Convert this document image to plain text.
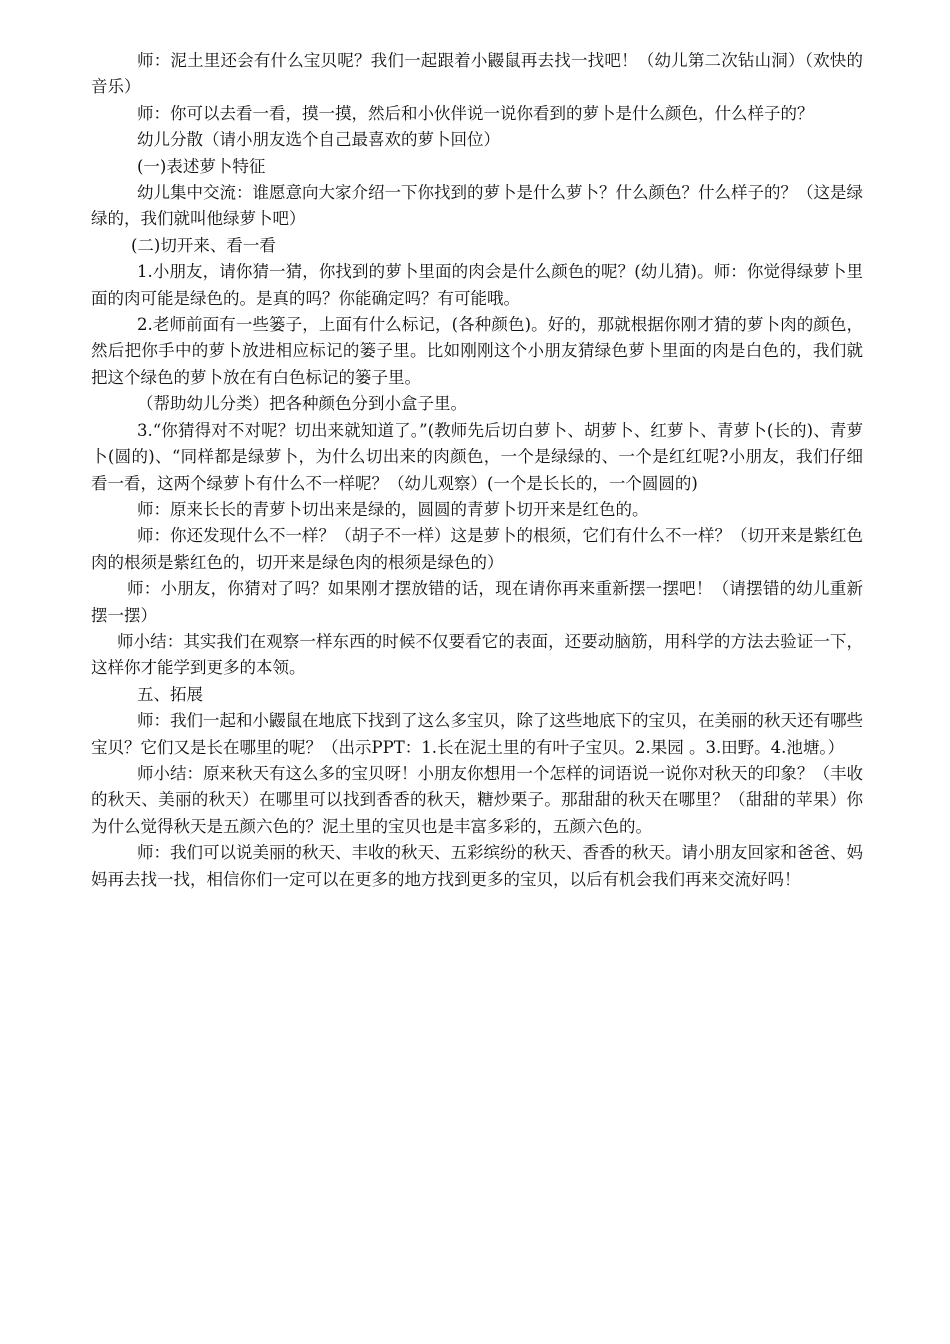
师：泥土里还会有什么宝贝呢？我们一起跟着小鼹鼠再去找一找吧！（幼儿第二次钻山洞）（欢快的音乐）

师：你可以去看一看，摸一摸，然后和小伙伴说一说你看到的萝卜是什么颜色，什么样子的？

幼儿分散（请小朋友选个自己最喜欢的萝卜回位）

(一)表述萝卜特征

幼儿集中交流：谁愿意向大家介绍一下你找到的萝卜是什么萝卜？什么颜色？什么样子的？（这是绿绿的，我们就叫他绿萝卜吧）

(二)切开来、看一看

1.小朋友，请你猜一猜，你找到的萝卜里面的肉会是什么颜色的呢？(幼儿猜)。师：你觉得绿萝卜里面的肉可能是绿色的。是真的吗？你能确定吗？有可能哦。

2.老师前面有一些篓子，上面有什么标记，(各种颜色)。好的，那就根据你刚才猜的萝卜肉的颜色，然后把你手中的萝卜放进相应标记的篓子里。比如刚刚这个小朋友猜绿色萝卜里面的肉是白色的，我们就把这个绿色的萝卜放在有白色标记的篓子里。

（帮助幼儿分类）把各种颜色分到小盒子里。

3.“你猜得对不对呢？切出来就知道了。”(教师先后切白萝卜、胡萝卜、红萝卜、青萝卜(长的)、青萝卜(圆的)、“同样都是绿萝卜，为什么切出来的肉颜色，一个是绿绿的、一个是红红呢?小朋友，我们仔细看一看，这两个绿萝卜有什么不一样呢？（幼儿观察）(一个是长长的，一个圆圆的)

师：原来长长的青萝卜切出来是绿的，圆圆的青萝卜切开来是红色的。

师：你还发现什么不一样？（胡子不一样）这是萝卜的根须，它们有什么不一样？（切开来是紫红色肉的根须是紫红色的，切开来是绿色肉的根须是绿色的）

师：小朋友，你猜对了吗？如果刚才摆放错的话，现在请你再来重新摆一摆吧！（请摆错的幼儿重新摆一摆）

师小结：其实我们在观察一样东西的时候不仅要看它的表面，还要动脑筋，用科学的方法去验证一下，这样你才能学到更多的本领。

五、拓展

师：我们一起和小鼹鼠在地底下找到了这么多宝贝，除了这些地底下的宝贝，在美丽的秋天还有哪些宝贝？它们又是长在哪里的呢？（出示PPT：1.长在泥土里的有叶子宝贝。2.果园 。3.田野。4.池塘。）

师小结：原来秋天有这么多的宝贝呀！小朋友你想用一个怎样的词语说一说你对秋天的印象？（丰收的秋天、美丽的秋天）在哪里可以找到香香的秋天，糖炒栗子。那甜甜的秋天在哪里？（甜甜的苹果）你为什么觉得秋天是五颜六色的？泥土里的宝贝也是丰富多彩的，五颜六色的。

师：我们可以说美丽的秋天、丰收的秋天、五彩缤纷的秋天、香香的秋天。请小朋友回家和爸爸、妈妈再去找一找，相信你们一定可以在更多的地方找到更多的宝贝，以后有机会我们再来交流好吗！
